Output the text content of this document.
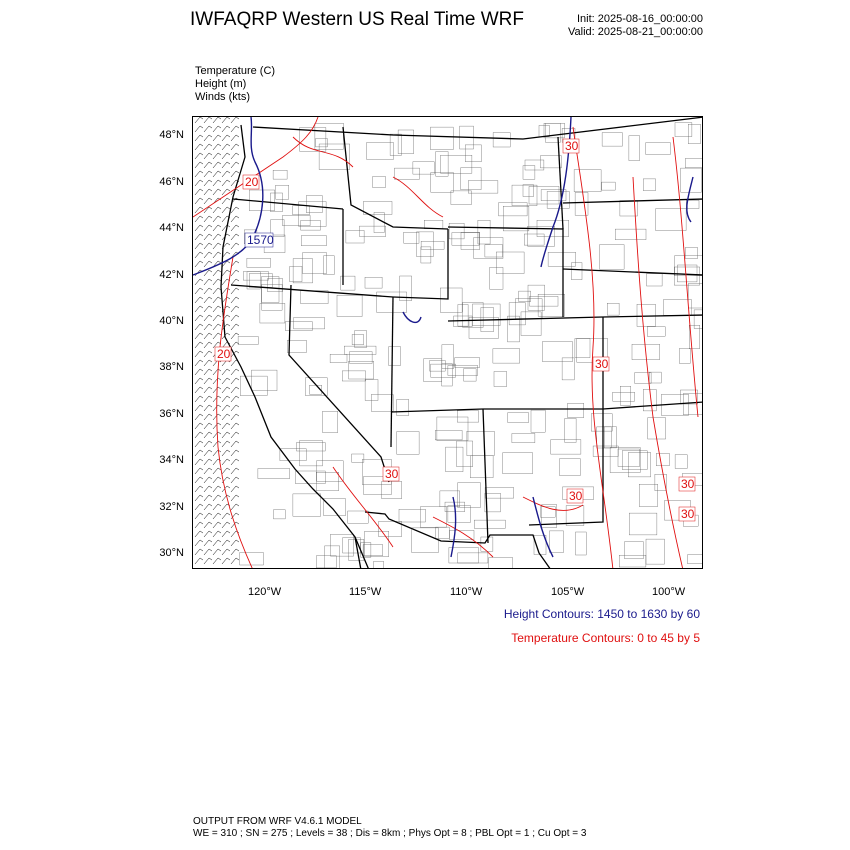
IWFAQRP Western US Real Time WRF	Init: 2025-08-16_00:00:00
Valid: 2025-08-21_00:00:00
Temperature (C)
Height (m)
Winds (kts)
20
20
30
30
30
30
30
30
1570
48°N
46°N
44°N
42°N
40°N
38°N
36°N
34°N
32°N
30°N
120°W	115°W	110°W	105°W	100°W
Height Contours: 1450 to 1630 by 60
Temperature Contours: 0 to 45 by 5
OUTPUT FROM WRF V4.6.1 MODEL
WE = 310 ; SN = 275 ; Levels = 38 ; Dis = 8km ; Phys Opt = 8 ; PBL Opt = 1 ; Cu Opt = 3
